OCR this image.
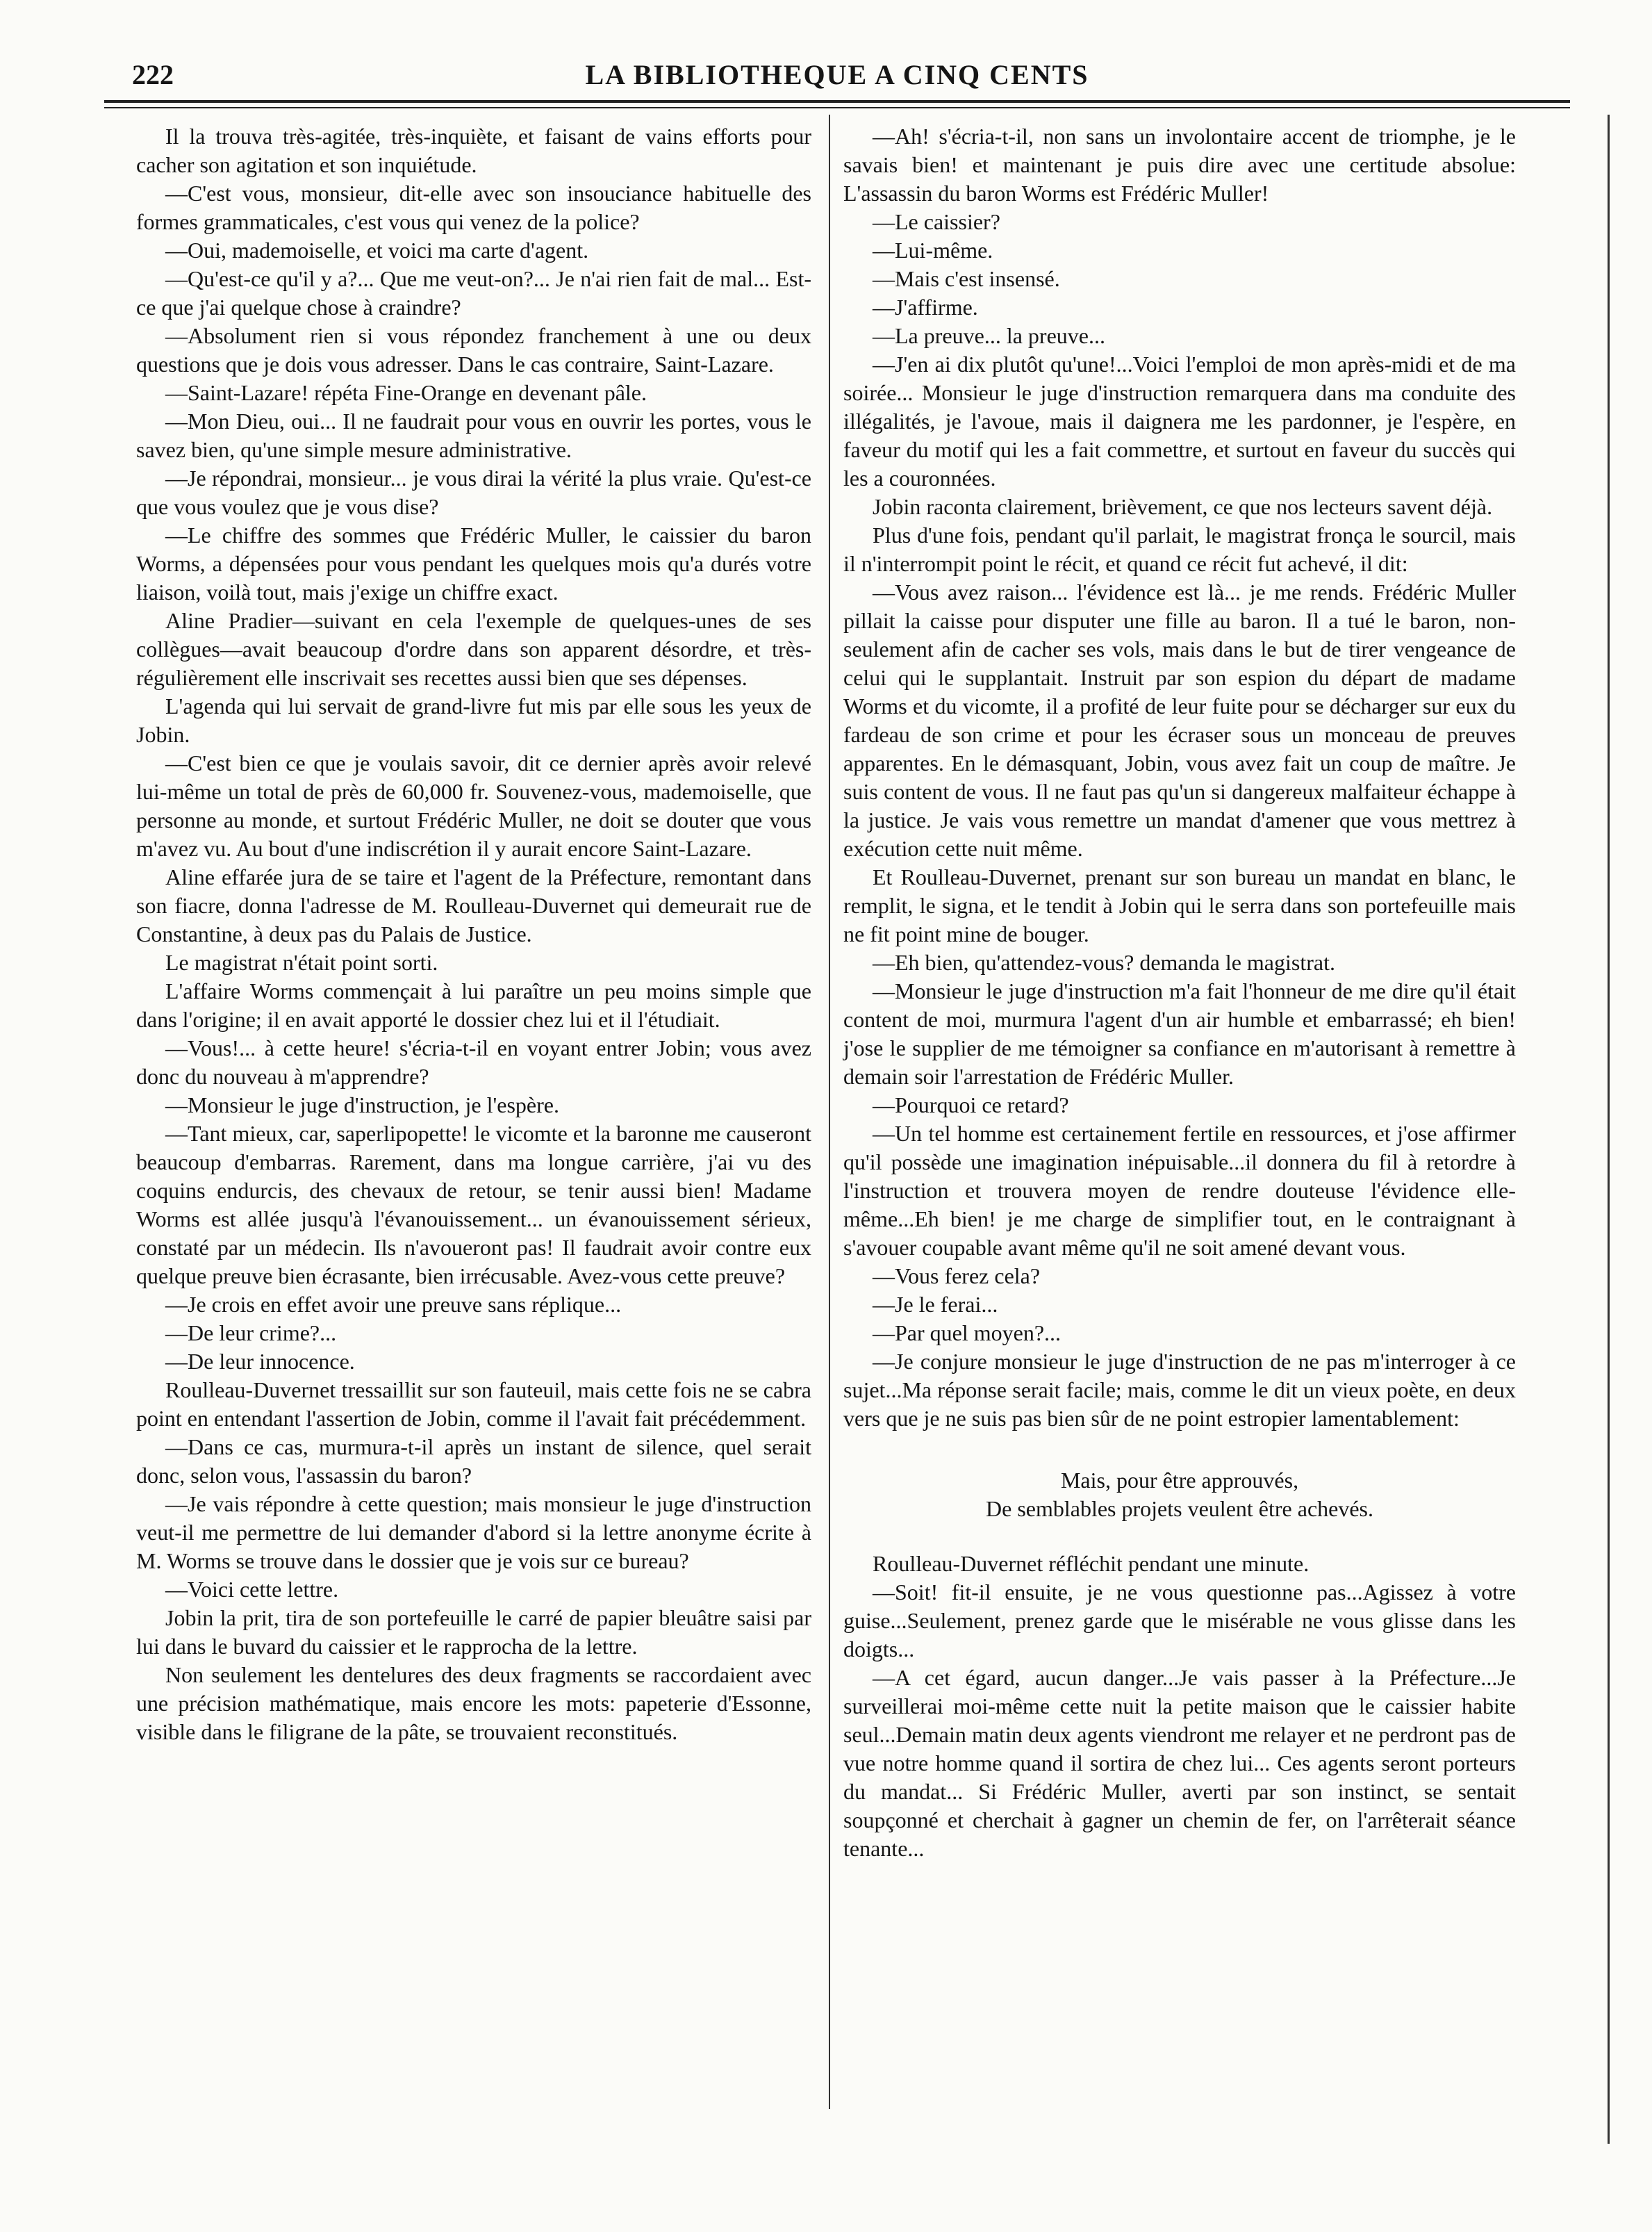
222	LA BIBLIOTHEQUE A CINQ CENTS

Il la trouva très-agitée, très-inquiète, et faisant de vains efforts pour cacher son agitation et son inquiétude.

—C'est vous, monsieur, dit-elle avec son insouciance habituelle des formes grammaticales, c'est vous qui venez de la police?

—Oui, mademoiselle, et voici ma carte d'agent.

—Qu'est-ce qu'il y a?... Que me veut-on?... Je n'ai rien fait de mal... Est-ce que j'ai quelque chose à craindre?

—Absolument rien si vous répondez franchement à une ou deux questions que je dois vous adresser. Dans le cas contraire, Saint-Lazare.

—Saint-Lazare! répéta Fine-Orange en devenant pâle.

—Mon Dieu, oui... Il ne faudrait pour vous en ouvrir les portes, vous le savez bien, qu'une simple mesure administrative.

—Je répondrai, monsieur... je vous dirai la vérité la plus vraie. Qu'est-ce que vous voulez que je vous dise?

—Le chiffre des sommes que Frédéric Muller, le caissier du baron Worms, a dépensées pour vous pendant les quelques mois qu'a durés votre liaison, voilà tout, mais j'exige un chiffre exact.

Aline Pradier—suivant en cela l'exemple de quelques-unes de ses collègues—avait beaucoup d'ordre dans son apparent désordre, et très-régulièrement elle inscrivait ses recettes aussi bien que ses dépenses.

L'agenda qui lui servait de grand-livre fut mis par elle sous les yeux de Jobin.

—C'est bien ce que je voulais savoir, dit ce dernier après avoir relevé lui-même un total de près de 60,000 fr. Souvenez-vous, mademoiselle, que personne au monde, et surtout Frédéric Muller, ne doit se douter que vous m'avez vu. Au bout d'une indiscrétion il y aurait encore Saint-Lazare.

Aline effarée jura de se taire et l'agent de la Préfecture, remontant dans son fiacre, donna l'adresse de M. Roulleau-Duvernet qui demeurait rue de Constantine, à deux pas du Palais de Justice.

Le magistrat n'était point sorti.

L'affaire Worms commençait à lui paraître un peu moins simple que dans l'origine; il en avait apporté le dossier chez lui et il l'étudiait.

—Vous!... à cette heure! s'écria-t-il en voyant entrer Jobin; vous avez donc du nouveau à m'apprendre?

—Monsieur le juge d'instruction, je l'espère.

—Tant mieux, car, saperlipopette! le vicomte et la baronne me causeront beaucoup d'embarras. Rarement, dans ma longue carrière, j'ai vu des coquins endurcis, des chevaux de retour, se tenir aussi bien! Madame Worms est allée jusqu'à l'évanouissement... un évanouissement sérieux, constaté par un médecin. Ils n'avoueront pas! Il faudrait avoir contre eux quelque preuve bien écrasante, bien irrécusable. Avez-vous cette preuve?

—Je crois en effet avoir une preuve sans réplique...

—De leur crime?...

—De leur innocence.

Roulleau-Duvernet tressaillit sur son fauteuil, mais cette fois ne se cabra point en entendant l'assertion de Jobin, comme il l'avait fait précédemment.

—Dans ce cas, murmura-t-il après un instant de silence, quel serait donc, selon vous, l'assassin du baron?

—Je vais répondre à cette question; mais monsieur le juge d'instruction veut-il me permettre de lui demander d'abord si la lettre anonyme écrite à M. Worms se trouve dans le dossier que je vois sur ce bureau?

—Voici cette lettre.

Jobin la prit, tira de son portefeuille le carré de papier bleuâtre saisi par lui dans le buvard du caissier et le rapprocha de la lettre.

Non seulement les dentelures des deux fragments se raccordaient avec une précision mathématique, mais encore les mots: papeterie d'Essonne, visible dans le filigrane de la pâte, se trouvaient reconstitués.

—Ah! s'écria-t-il, non sans un involontaire accent de triomphe, je le savais bien! et maintenant je puis dire avec une certitude absolue: L'assassin du baron Worms est Frédéric Muller!

—Le caissier?

—Lui-même.

—Mais c'est insensé.

—J'affirme.

—La preuve... la preuve...

—J'en ai dix plutôt qu'une!...Voici l'emploi de mon après-midi et de ma soirée... Monsieur le juge d'instruction remarquera dans ma conduite des illégalités, je l'avoue, mais il daignera me les pardonner, je l'espère, en faveur du motif qui les a fait commettre, et surtout en faveur du succès qui les a couronnées.

Jobin raconta clairement, brièvement, ce que nos lecteurs savent déjà.

Plus d'une fois, pendant qu'il parlait, le magistrat fronça le sourcil, mais il n'interrompit point le récit, et quand ce récit fut achevé, il dit:

—Vous avez raison... l'évidence est là... je me rends. Frédéric Muller pillait la caisse pour disputer une fille au baron. Il a tué le baron, non-seulement afin de cacher ses vols, mais dans le but de tirer vengeance de celui qui le supplantait. Instruit par son espion du départ de madame Worms et du vicomte, il a profité de leur fuite pour se décharger sur eux du fardeau de son crime et pour les écraser sous un monceau de preuves apparentes. En le démasquant, Jobin, vous avez fait un coup de maître. Je suis content de vous. Il ne faut pas qu'un si dangereux malfaiteur échappe à la justice. Je vais vous remettre un mandat d'amener que vous mettrez à exécution cette nuit même.

Et Roulleau-Duvernet, prenant sur son bureau un mandat en blanc, le remplit, le signa, et le tendit à Jobin qui le serra dans son portefeuille mais ne fit point mine de bouger.

—Eh bien, qu'attendez-vous? demanda le magistrat.

—Monsieur le juge d'instruction m'a fait l'honneur de me dire qu'il était content de moi, murmura l'agent d'un air humble et embarrassé; eh bien! j'ose le supplier de me témoigner sa confiance en m'autorisant à remettre à demain soir l'arrestation de Frédéric Muller.

—Pourquoi ce retard?

—Un tel homme est certainement fertile en ressources, et j'ose affirmer qu'il possède une imagination inépuisable...il donnera du fil à retordre à l'instruction et trouvera moyen de rendre douteuse l'évidence elle-même...Eh bien! je me charge de simplifier tout, en le contraignant à s'avouer coupable avant même qu'il ne soit amené devant vous.

—Vous ferez cela?

—Je le ferai...

—Par quel moyen?...

—Je conjure monsieur le juge d'instruction de ne pas m'interroger à ce sujet...Ma réponse serait facile; mais, comme le dit un vieux poète, en deux vers que je ne suis pas bien sûr de ne point estropier lamentablement:

Mais, pour être approuvés,

De semblables projets veulent être achevés.

Roulleau-Duvernet réfléchit pendant une minute.

—Soit! fit-il ensuite, je ne vous questionne pas...Agissez à votre guise...Seulement, prenez garde que le misérable ne vous glisse dans les doigts...

—A cet égard, aucun danger...Je vais passer à la Préfecture...Je surveillerai moi-même cette nuit la petite maison que le caissier habite seul...Demain matin deux agents viendront me relayer et ne perdront pas de vue notre homme quand il sortira de chez lui... Ces agents seront porteurs du mandat... Si Frédéric Muller, averti par son instinct, se sentait soupçonné et cherchait à gagner un chemin de fer, on l'arrêterait séance tenante...
